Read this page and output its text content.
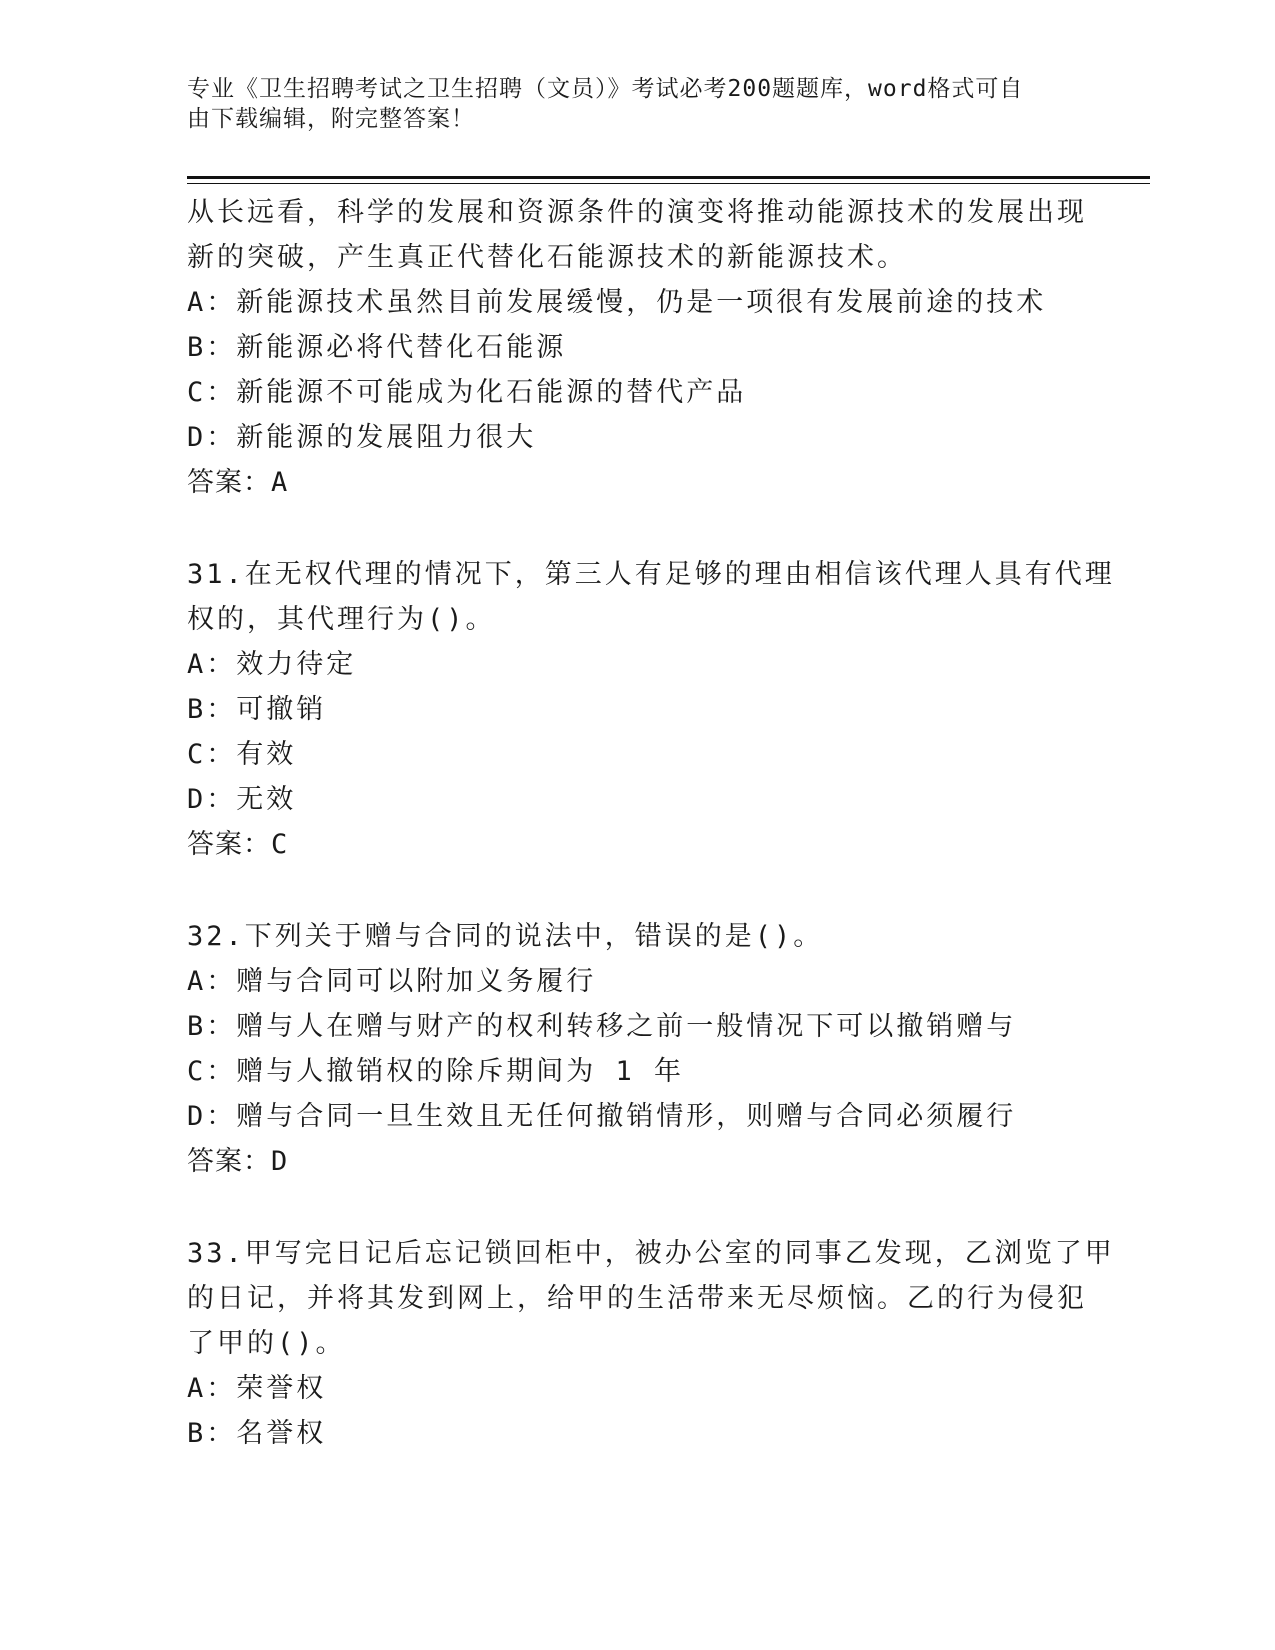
专业《卫生招聘考试之卫生招聘（文员）》考试必考200题题库，word格式可自
由下载编辑，附完整答案！
从长远看，科学的发展和资源条件的演变将推动能源技术的发展出现
新的突破，产生真正代替化石能源技术的新能源技术。
A：新能源技术虽然目前发展缓慢，仍是一项很有发展前途的技术
B：新能源必将代替化石能源
C：新能源不可能成为化石能源的替代产品
D：新能源的发展阻力很大
答案：A
31.在无权代理的情况下，第三人有足够的理由相信该代理人具有代理
权的，其代理行为()。
A：效力待定
B：可撤销
C：有效
D：无效
答案：C
32.下列关于赠与合同的说法中，错误的是()。
A：赠与合同可以附加义务履行
B：赠与人在赠与财产的权利转移之前一般情况下可以撤销赠与
C：赠与人撤销权的除斥期间为 1 年
D：赠与合同一旦生效且无任何撤销情形，则赠与合同必须履行
答案：D
33.甲写完日记后忘记锁回柜中，被办公室的同事乙发现，乙浏览了甲
的日记，并将其发到网上，给甲的生活带来无尽烦恼。乙的行为侵犯
了甲的()。
A：荣誉权
B：名誉权
